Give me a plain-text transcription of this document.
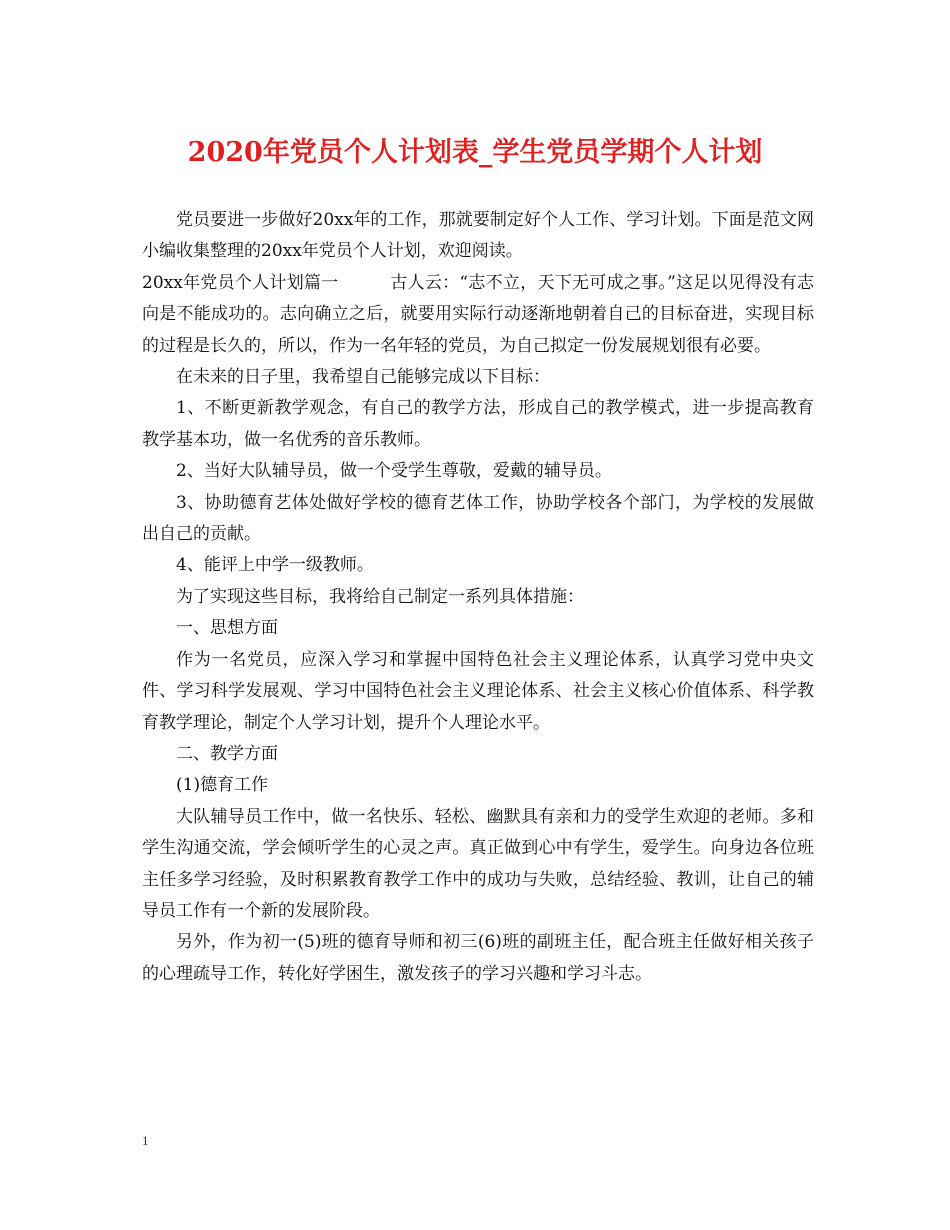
2020年党员个人计划表_学生党员学期个人计划

党员要进一步做好20xx年的工作，那就要制定好个人工作、学习计划。下面是范文网小编收集整理的20xx年党员个人计划，欢迎阅读。

20xx年党员个人计划篇一　　　古人云：“志不立，天下无可成之事。”这足以见得没有志向是不能成功的。志向确立之后，就要用实际行动逐渐地朝着自己的目标奋进，实现目标的过程是长久的，所以，作为一名年轻的党员，为自己拟定一份发展规划很有必要。

在未来的日子里，我希望自己能够完成以下目标：

1、不断更新教学观念，有自己的教学方法，形成自己的教学模式，进一步提高教育教学基本功，做一名优秀的音乐教师。

2、当好大队辅导员，做一个受学生尊敬，爱戴的辅导员。

3、协助德育艺体处做好学校的德育艺体工作，协助学校各个部门，为学校的发展做出自己的贡献。

4、能评上中学一级教师。

为了实现这些目标，我将给自己制定一系列具体措施：

一、思想方面

作为一名党员，应深入学习和掌握中国特色社会主义理论体系，认真学习党中央文件、学习科学发展观、学习中国特色社会主义理论体系、社会主义核心价值体系、科学教育教学理论，制定个人学习计划，提升个人理论水平。

二、教学方面

(1)德育工作

大队辅导员工作中，做一名快乐、轻松、幽默具有亲和力的受学生欢迎的老师。多和学生沟通交流，学会倾听学生的心灵之声。真正做到心中有学生，爱学生。向身边各位班主任多学习经验，及时积累教育教学工作中的成功与失败，总结经验、教训，让自己的辅导员工作有一个新的发展阶段。

另外，作为初一(5)班的德育导师和初三(6)班的副班主任，配合班主任做好相关孩子的心理疏导工作，转化好学困生，激发孩子的学习兴趣和学习斗志。

1
